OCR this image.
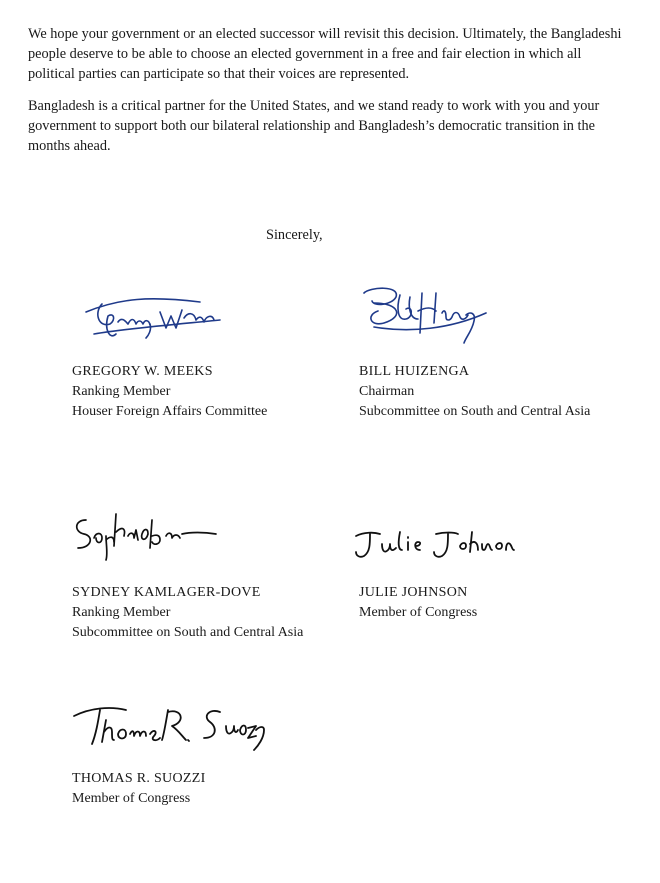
We hope your government or an elected successor will revisit this decision. Ultimately, the Bangladeshi people deserve to be able to choose an elected government in a free and fair election in which all political parties can participate so that their voices are represented.

Bangladesh is a critical partner for the United States, and we stand ready to work with you and your government to support both our bilateral relationship and Bangladesh’s democratic transition in the months ahead.

Sincerely,
GREGORY W. MEEKS
Ranking Member
Houser Foreign Affairs Committee
BILL HUIZENGA
Chairman
Subcommittee on South and Central Asia
SYDNEY KAMLAGER-DOVE
Ranking Member
Subcommittee on South and Central Asia
JULIE JOHNSON
Member of Congress
THOMAS R. SUOZZI
Member of Congress
